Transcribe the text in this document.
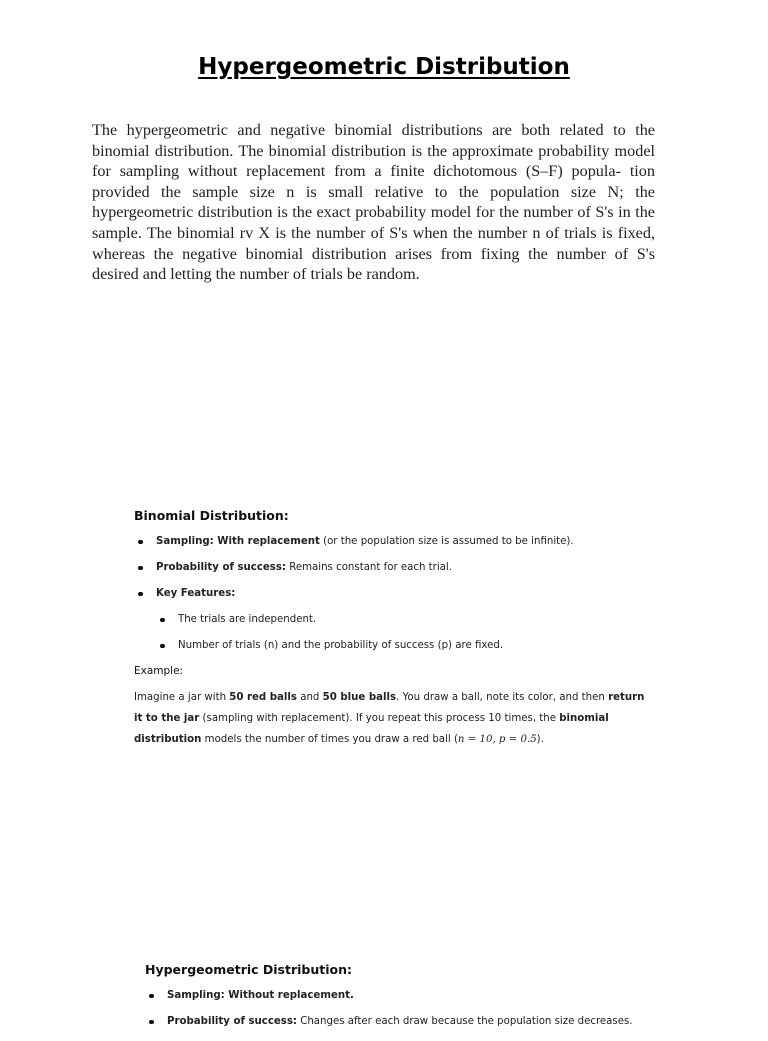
Hypergeometric Distribution
The hypergeometric and negative binomial distributions are both related to the binomial distribution. The binomial distribution is the approximate probability model for sampling without replacement from a finite dichotomous (S–F) popula- tion provided the sample size n is small relative to the population size N; the hypergeometric distribution is the exact probability model for the number of S's in the sample. The binomial rv X is the number of S's when the number n of trials is fixed, whereas the negative binomial distribution arises from fixing the number of S's desired and letting the number of trials be random.

Binomial Distribution:

Sampling: With replacement (or the population size is assumed to be infinite).
Probability of success: Remains constant for each trial.
Key Features:
The trials are independent.
Number of trials (n) and the probability of success (p) are fixed.

Example:

Imagine a jar with 50 red balls and 50 blue balls. You draw a ball, note its color, and then return it to the jar (sampling with replacement). If you repeat this process 10 times, the binomial distribution models the number of times you draw a red ball (n = 10, p = 0.5).

Hypergeometric Distribution:

Sampling: Without replacement.
Probability of success: Changes after each draw because the population size decreases.
